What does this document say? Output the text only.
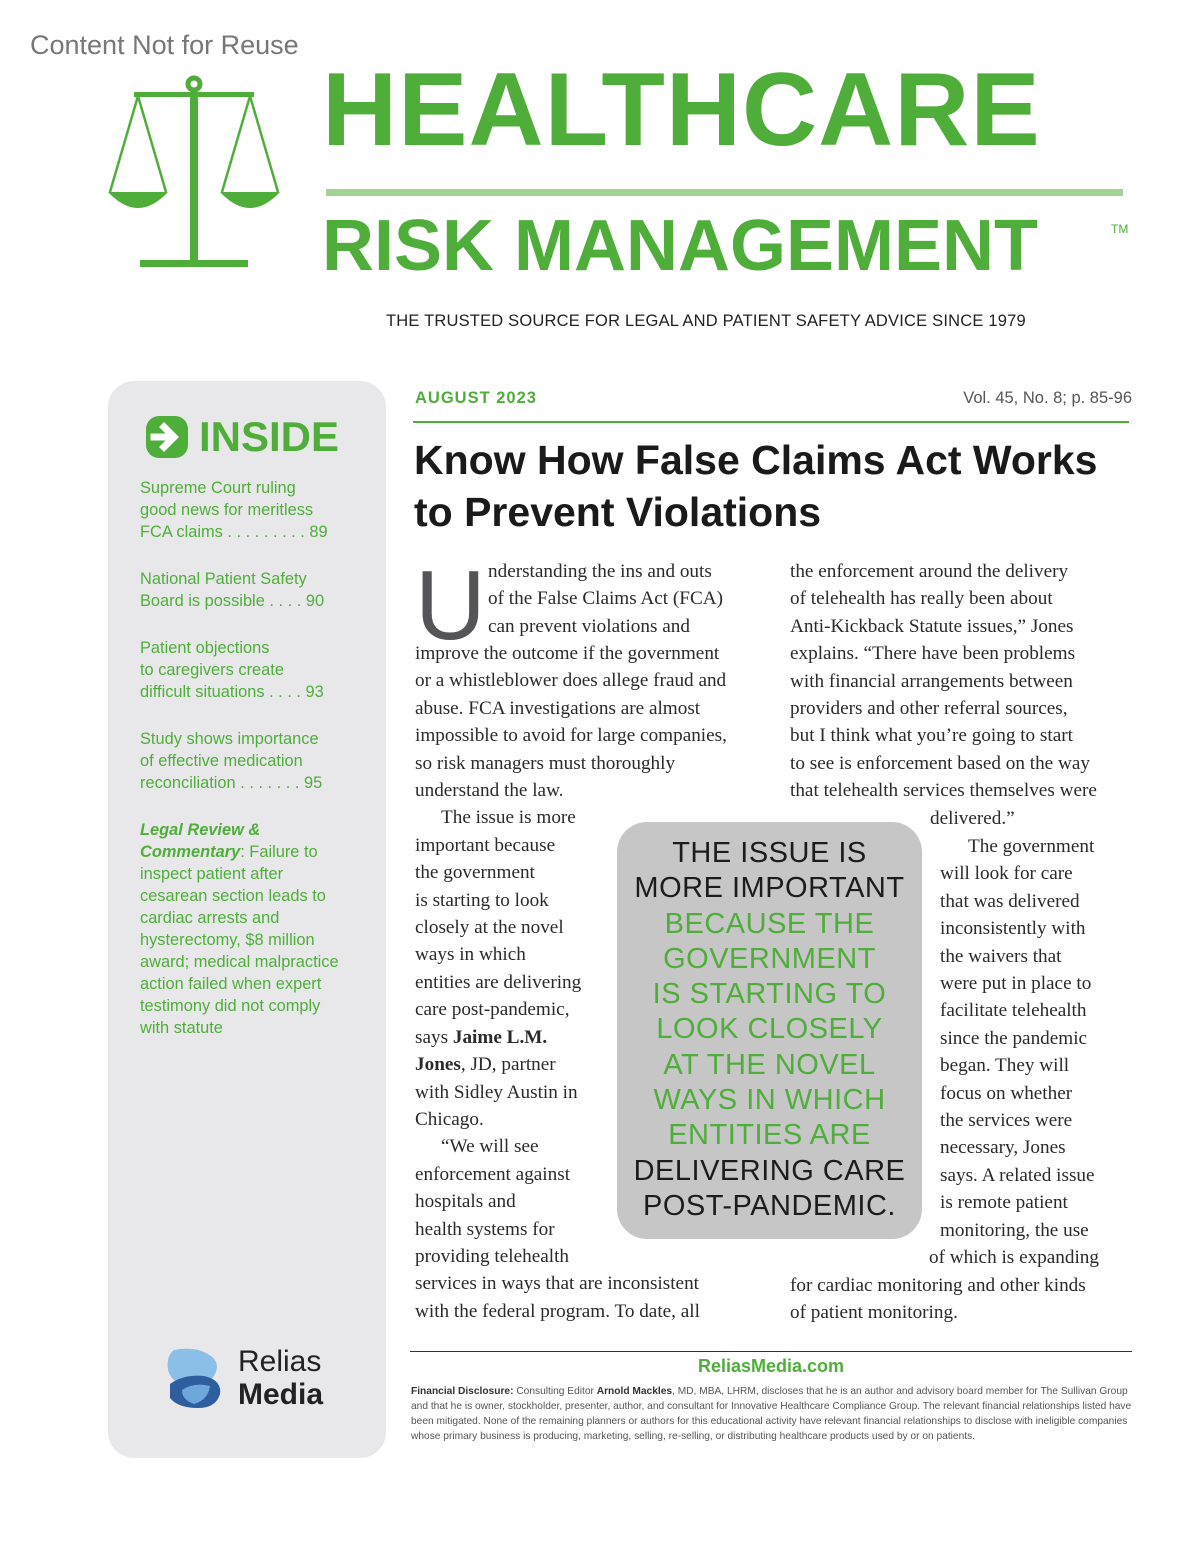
Content Not for Reuse
HEALTHCARE
RISK MANAGEMENT	TM
THE TRUSTED SOURCE FOR LEGAL AND PATIENT SAFETY ADVICE SINCE 1979
INSIDE
Supreme Court ruling
good news for meritless
FCA claims . . . . . . . . . 89
National Patient Safety
Board is possible . . . . 90
Patient objections
to caregivers create
difficult situations . . . . 93
Study shows importance
of effective medication
reconciliation . . . . . . . 95
Legal Review & Commentary: Failure to inspect patient after cesarean section leads to cardiac arrests and hysterectomy, $8 million award; medical malpractice action failed when expert testimony did not comply with statute
Relias
Media
AUGUST 2023	Vol. 45, No. 8; p. 85-96
Know How False Claims Act Works
to Prevent Violations
U nderstanding the ins and outs
of the False Claims Act (FCA)
can prevent violations and
improve the outcome if the government
or a whistleblower does allege fraud and
abuse. FCA investigations are almost
impossible to avoid for large companies,
so risk managers must thoroughly
understand the law.
The issue is more
important because
the government
is starting to look
closely at the novel
ways in which
entities are delivering
care post-pandemic,
says Jaime L.M.
Jones, JD, partner
with Sidley Austin in
Chicago.
“We will see
enforcement against
hospitals and
health systems for
providing telehealth
services in ways that are inconsistent
with the federal program. To date, all
the enforcement around the delivery
of telehealth has really been about
Anti-Kickback Statute issues,” Jones
explains. “There have been problems
with financial arrangements between
providers and other referral sources,
but I think what you’re going to start
to see is enforcement based on the way
that telehealth services themselves were
delivered.”
The government
will look for care
that was delivered
inconsistently with
the waivers that
were put in place to
facilitate telehealth
since the pandemic
began. They will
focus on whether
the services were
necessary, Jones
says. A related issue
is remote patient
monitoring, the use
of which is expanding
for cardiac monitoring and other kinds
of patient monitoring.
THE ISSUE IS
MORE IMPORTANT
BECAUSE THE
GOVERNMENT
IS STARTING TO
LOOK CLOSELY
AT THE NOVEL
WAYS IN WHICH
ENTITIES ARE
DELIVERING CARE
POST-PANDEMIC.
ReliasMedia.com
Financial Disclosure: Consulting Editor Arnold Mackles, MD, MBA, LHRM, discloses that he is an author and advisory board member for The Sullivan Group and that he is owner, stockholder, presenter, author, and consultant for Innovative Healthcare Compliance Group. The relevant financial relationships listed have been mitigated. None of the remaining planners or authors for this educational activity have relevant financial relationships to disclose with ineligible companies whose primary business is producing, marketing, selling, re-selling, or distributing healthcare products used by or on patients.
